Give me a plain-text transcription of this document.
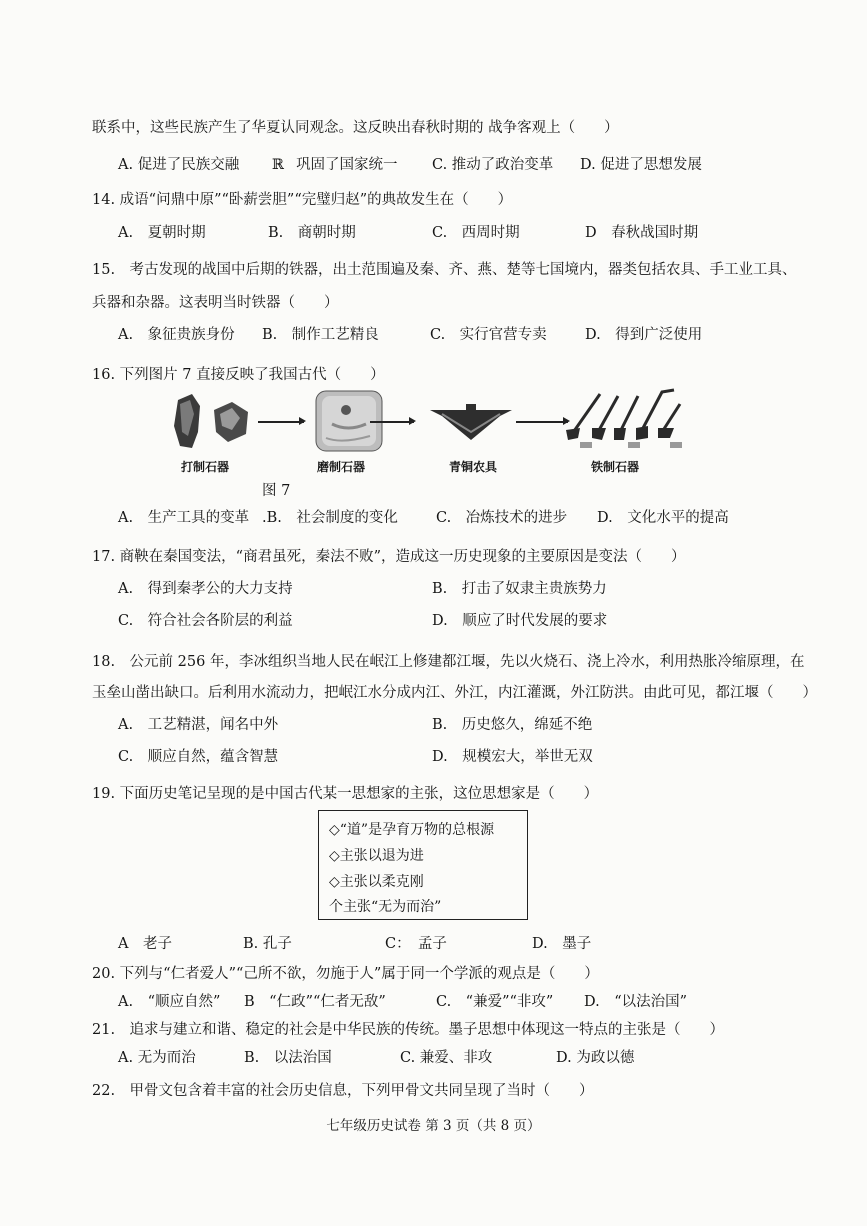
联系中，这些民族产生了华夏认同观念。这反映出春秋时期的 战争客观上（　　）
A. 促进了民族交融 ℝ 巩固了国家统一 C. 推动了政治变革 D. 促进了思想发展
14. 成语“问鼎中原”“卧薪尝胆”“完璧归赵”的典故发生在（　　）
A.　夏朝时期	B.　商朝时期	C.　西周时期	D　春秋战国时期
15.　考古发现的战国中后期的铁器，出土范围遍及秦、齐、燕、楚等七国境内，器类包括农具、手工业工具、
兵器和杂器。这表明当时铁器（　　）
A.　象征贵族身份 B.　制作工艺精良	C.　实行官营专卖	D.　得到广泛使用
16. 下列图片 7 直接反映了我国古代（　　）
打制石器	磨制石器	青铜农具	铁制石器
图 7
A.　生产工具的变革 .B.　社会制度的变化	C.　冶炼技术的进步 D.　文化水平的提高
17. 商鞅在秦国变法，“商君虽死，秦法不败”，造成这一历史现象的主要原因是变法（　　）
A.　得到秦孝公的大力支持	B.　打击了奴隶主贵族势力
C.　符合社会各阶层的利益	D.　顺应了时代发展的要求
18.　公元前 256 年，李冰组织当地人民在岷江上修建都江堰，先以火烧石、浇上冷水，利用热胀冷缩原理，在
玉垒山凿出缺口。后利用水流动力，把岷江水分成内江、外江，内江灌溉，外江防洪。由此可见，都江堰（　　）
A.　工艺精湛，闻名中外	B.　历史悠久，绵延不绝
C.　顺应自然，蕴含智慧	D.　规模宏大，举世无双
19. 下面历史笔记呈现的是中国古代某一思想家的主张，这位思想家是（　　）
◇“道”是孕育万物的总根源
◇主张以退为进
◇主张以柔克刚
个主张“无为而治”
A　老子	B. 孔子	C：　孟子	D.　墨子
20. 下列与“仁者爱人”“己所不欲，勿施于人”属于同一个学派的观点是（　　）
A.　“顺应自然” B　“仁政”“仁者无敌”	C.　“兼爱”“非攻” D.　“以法治国”
21.　追求与建立和谐、稳定的社会是中华民族的传统。墨子思想中体现这一特点的主张是（　　）
A. 无为而治	B.　以法治国	C. 兼爱、非攻	D. 为政以德
22.　甲骨文包含着丰富的社会历史信息，下列甲骨文共同呈现了当时（　　）
七年级历史试卷 第 3 页（共 8 页）
